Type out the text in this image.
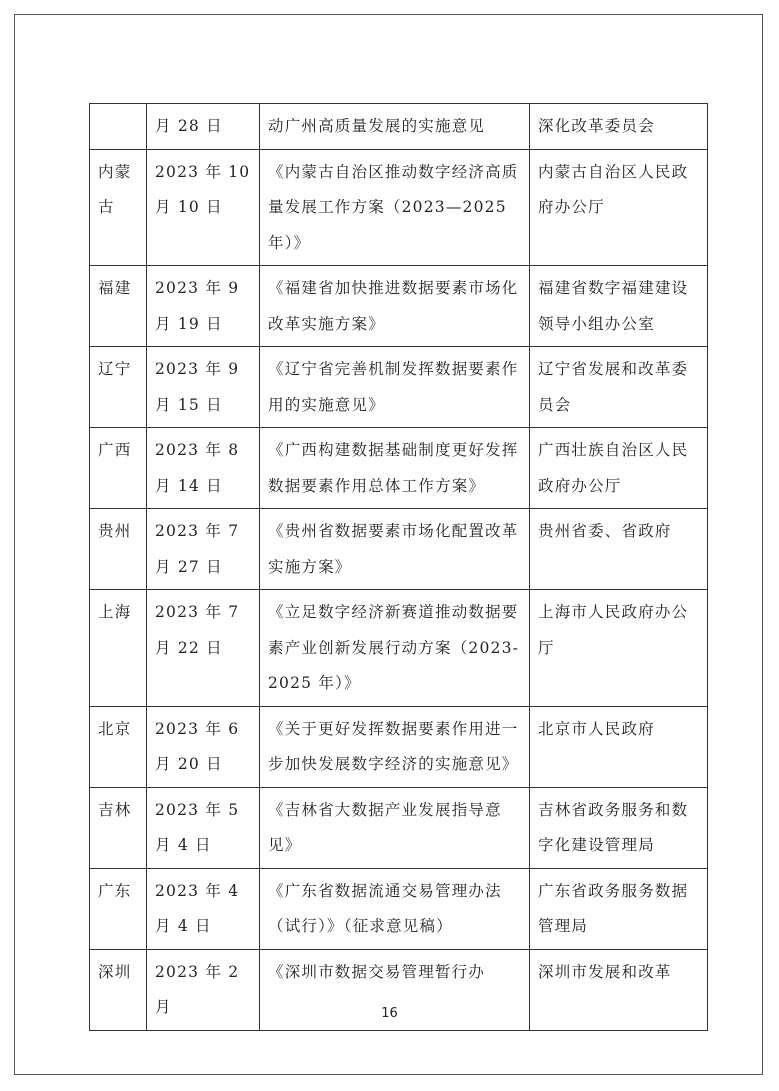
	月 28 日	动广州高质量发展的实施意见	深化改革委员会
内蒙古	2023 年 10 月 10 日	《内蒙古自治区推动数字经济高质量发展工作方案（2023—2025 年）》	内蒙古自治区人民政府办公厅
福建	2023 年 9 月 19 日	《福建省加快推进数据要素市场化改革实施方案》	福建省数字福建建设领导小组办公室
辽宁	2023 年 9 月 15 日	《辽宁省完善机制发挥数据要素作用的实施意见》	辽宁省发展和改革委员会
广西	2023 年 8 月 14 日	《广西构建数据基础制度更好发挥数据要素作用总体工作方案》	广西壮族自治区人民政府办公厅
贵州	2023 年 7 月 27 日	《贵州省数据要素市场化配置改革实施方案》	贵州省委、省政府
上海	2023 年 7 月 22 日	《立足数字经济新赛道推动数据要素产业创新发展行动方案（2023-2025 年）》	上海市人民政府办公厅
北京	2023 年 6 月 20 日	《关于更好发挥数据要素作用进一步加快发展数字经济的实施意见》	北京市人民政府
吉林	2023 年 5 月 4 日	《吉林省大数据产业发展指导意见》	吉林省政务服务和数字化建设管理局
广东	2023 年 4 月 4 日	《广东省数据流通交易管理办法（试行）》（征求意见稿）	广东省政务服务数据管理局
深圳	2023 年 2 月	《深圳市数据交易管理暂行办	深圳市发展和改革
16
